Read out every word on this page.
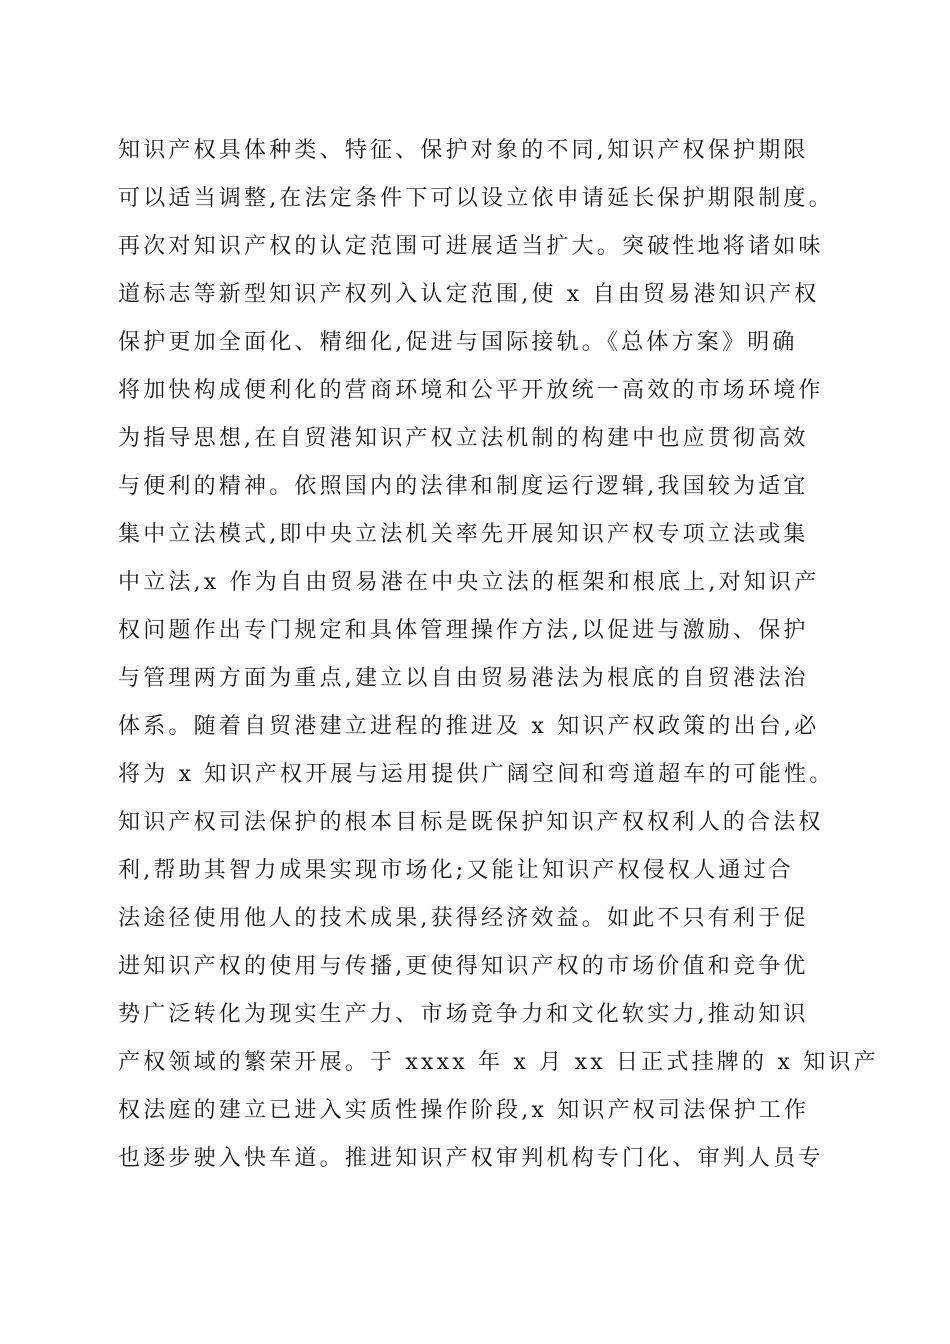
知识产权具体种类、特征、保护对象的不同,知识产权保护期限
可以适当调整,在法定条件下可以设立依申请延长保护期限制度。
再次对知识产权的认定范围可进展适当扩大。突破性地将诸如味
道标志等新型知识产权列入认定范围,使 x 自由贸易港知识产权
保护更加全面化、精细化,促进与国际接轨。《总体方案》明确
将加快构成便利化的营商环境和公平开放统一高效的市场环境作
为指导思想,在自贸港知识产权立法机制的构建中也应贯彻高效
与便利的精神。依照国内的法律和制度运行逻辑,我国较为适宜
集中立法模式,即中央立法机关率先开展知识产权专项立法或集
中立法,x 作为自由贸易港在中央立法的框架和根底上,对知识产
权问题作出专门规定和具体管理操作方法,以促进与激励、保护
与管理两方面为重点,建立以自由贸易港法为根底的自贸港法治
体系。随着自贸港建立进程的推进及 x 知识产权政策的出台,必
将为 x 知识产权开展与运用提供广阔空间和弯道超车的可能性。
知识产权司法保护的根本目标是既保护知识产权权利人的合法权
利,帮助其智力成果实现市场化;又能让知识产权侵权人通过合
法途径使用他人的技术成果,获得经济效益。如此不只有利于促
进知识产权的使用与传播,更使得知识产权的市场价值和竞争优
势广泛转化为现实生产力、市场竞争力和文化软实力,推动知识
产权领域的繁荣开展。于 xxxx 年 x 月 xx 日正式挂牌的 x 知识产
权法庭的建立已进入实质性操作阶段,x 知识产权司法保护工作
也逐步驶入快车道。推进知识产权审判机构专门化、审判人员专
